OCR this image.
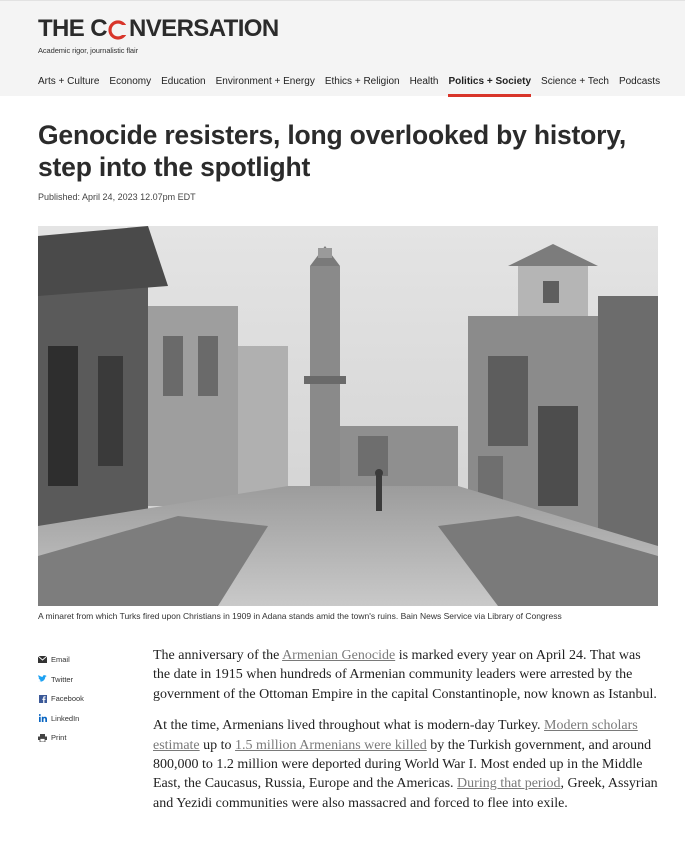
THE C NVERSATION
Academic rigor, journalistic flair
Arts + Culture Economy Education Environment + Energy Ethics + Religion Health Politics + Society Science + Tech Podcasts
Genocide resisters, long overlooked by history, step into the spotlight
Published: April 24, 2023 12.07pm EDT
A minaret from which Turks fired upon Christians in 1909 in Adana stands amid the town's ruins. Bain News Service via Library of Congress
Email
Twitter
Facebook
LinkedIn
Print

The anniversary of the Armenian Genocide is marked every year on April 24. That was the date in 1915 when hundreds of Armenian community leaders were arrested by the government of the Ottoman Empire in the capital Constantinople, now known as Istanbul.

At the time, Armenians lived throughout what is modern-day Turkey. Modern scholars estimate up to 1.5 million Armenians were killed by the Turkish government, and around 800,000 to 1.2 million were deported during World War I. Most ended up in the Middle East, the Caucasus, Russia, Europe and the Americas. During that period, Greek, Assyrian and Yezidi communities were also massacred and forced to flee into exile.
